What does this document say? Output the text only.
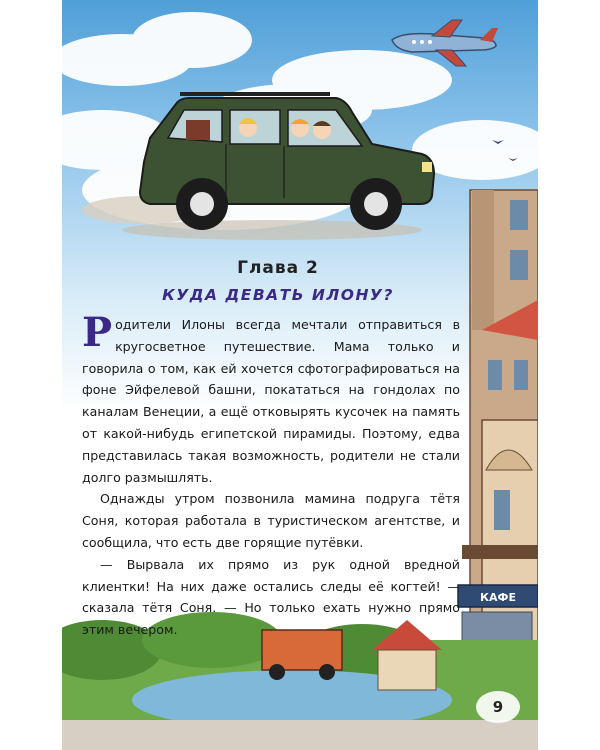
КАФЕ
Глава 2
КУДА ДЕВАТЬ ИЛОНУ?

Родители Илоны всегда мечтали отправиться в кругосветное путешествие. Мама только и говорила о том, как ей хочется сфотографироваться на фоне Эйфелевой башни, покататься на гондолах по каналам Венеции, а ещё отковырять кусочек на память от какой-нибудь египетской пирамиды. Поэтому, едва представилась такая возможность, родители не стали долго размышлять.

Однажды утром позвонила мамина подруга тётя Соня, которая работала в туристическом агентстве, и сообщила, что есть две горящие путёвки.

— Вырвала их прямо из рук одной вредной клиентки! На них даже остались следы её когтей! — сказала тётя Соня. — Но только ехать нужно прямо этим вечером.

9
